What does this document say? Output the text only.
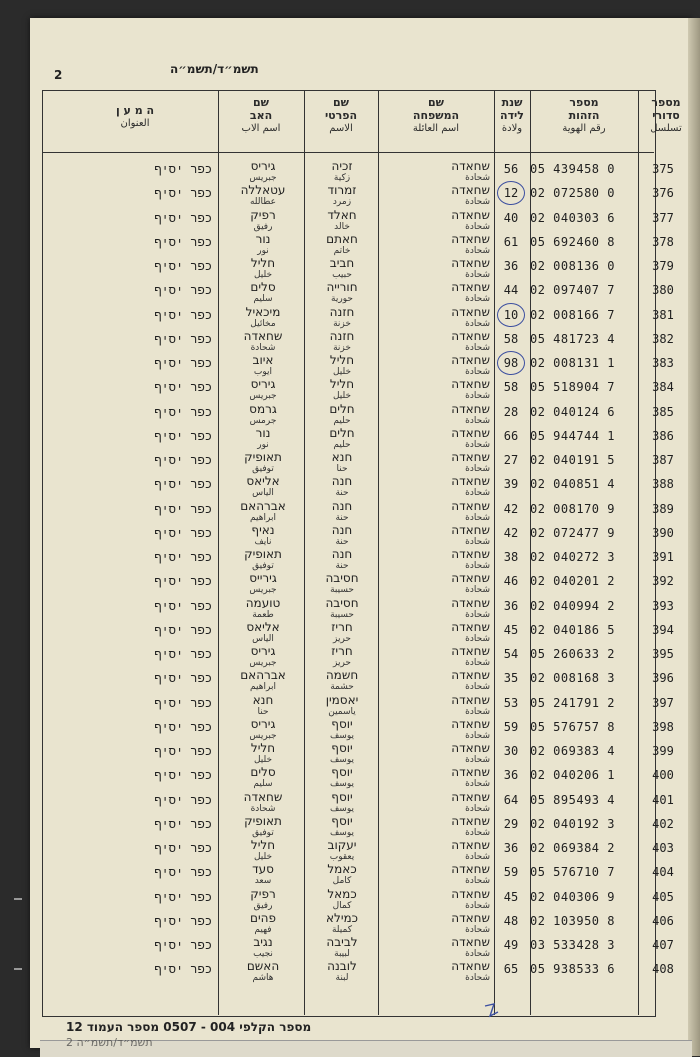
2	תשמ״ד/תשמ״ה
מספר
סדורי
تسلسل
מספר
הזהות
رقم الهوية
שנת
לידה
ولادة
שם
המשפחה
اسم العائلة
שם
הפרטי
الاسم
שם
האב
اسم الاب
ה מ ע ן
العنوان
375
05 439458 0
56
שחאדה
شحادة
זכיה
زكية
גיריס
جبريس
כפר יסיף
376
02 072580 0
12
שחאדה
شحادة
זמרוד
زمرد
עטאללה
عطالله
כפר יסיף
377
02 040303 6
40
שחאדה
شحادة
חאלד
خالد
רפיק
رفيق
כפר יסיף
378
05 692460 8
61
שחאדה
شحادة
חאתם
خاتم
נור
نور
כפר יסיף
379
02 008136 0
36
שחאדה
شحادة
חביב
حبيب
חליל
خليل
כפר יסיף
380
02 097407 7
44
שחאדה
شحادة
חורייה
حورية
סלים
سليم
כפר יסיף
381
02 008166 7
10
שחאדה
شحادة
חזנה
خزنة
מיכאיל
مخائيل
כפר יסיף
382
05 481723 4
58
שחאדה
شحادة
חזנה
خزنة
שחאדה
شحادة
כפר יסיף
383
02 008131 1
98
שחאדה
شحادة
חליל
خليل
איוב
ايوب
כפר יסיף
384
05 518904 7
58
שחאדה
شحادة
חליל
خليل
גיריס
جبريس
כפר יסיף
385
02 040124 6
28
שחאדה
شحادة
חלים
حليم
גרמס
جرمس
כפר יסיף
386
05 944744 1
66
שחאדה
شحادة
חלים
حليم
נור
نور
כפר יסיף
387
02 040191 5
27
שחאדה
شحادة
חנא
حنا
תאופיק
توفيق
כפר יסיף
388
02 040851 4
39
שחאדה
شحادة
חנה
حنة
אליאס
الياس
כפר יסיף
389
02 008170 9
42
שחאדה
شحادة
חנה
حنة
אברהאם
ابراهيم
כפר יסיף
390
02 072477 9
42
שחאדה
شحادة
חנה
حنة
נאיף
نايف
כפר יסיף
391
02 040272 3
38
שחאדה
شحادة
חנה
حنة
תאופיק
توفيق
כפר יסיף
392
02 040201 2
46
שחאדה
شحادة
חסיבה
حسيبة
גירייס
جبريس
כפר יסיף
393
02 040994 2
36
שחאדה
شحادة
חסיבה
حسيبة
טועמה
طعمة
כפר יסיף
394
02 040186 5
45
שחאדה
شحادة
חריז
حريز
אליאס
الياس
כפר יסיף
395
05 260633 2
54
שחאדה
شحادة
חריז
حريز
גיריס
جبريس
כפר יסיף
396
02 008168 3
35
שחאדה
شحادة
חשמה
حشمة
אברהאם
ابراهيم
כפר יסיף
397
05 241791 2
53
שחאדה
شحادة
יאסמין
ياسمين
חנא
حنا
כפר יסיף
398
05 576757 8
59
שחאדה
شحادة
יוסף
يوسف
גיריס
جبريس
כפר יסיף
399
02 069383 4
30
שחאדה
شحادة
יוסף
يوسف
חליל
خليل
כפר יסיף
400
02 040206 1
36
שחאדה
شحادة
יוסף
يوسف
סלים
سليم
כפר יסיף
401
05 895493 4
64
שחאדה
شحادة
יוסף
يوسف
שחאדה
شحادة
כפר יסיף
402
02 040192 3
29
שחאדה
شحادة
יוסף
يوسف
תאופיק
توفيق
כפר יסיף
403
02 069384 2
36
שחאדה
شحادة
יעקוב
يعقوب
חליל
خليل
כפר יסיף
404
05 576710 7
59
שחאדה
شحادة
כאמל
كامل
סעד
سعد
כפר יסיף
405
02 040306 9
45
שחאדה
شحادة
כמאל
كمال
רפיק
رفيق
כפר יסיף
406
02 103950 8
48
שחאדה
شحادة
כמילא
كميلة
פהים
فهيم
כפר יסיף
407
03 533428 3
49
שחאדה
شحادة
לביבה
لبيبة
נגיב
نجيب
כפר יסיף
408
05 938533 6
65
שחאדה
شحادة
לובנה
لبنة
האשם
هاشم
כפר יסיף
מספר הקלפי 004 - 0507 מספר העמוד 12
תשמ״ד/תשמ״ה 2
